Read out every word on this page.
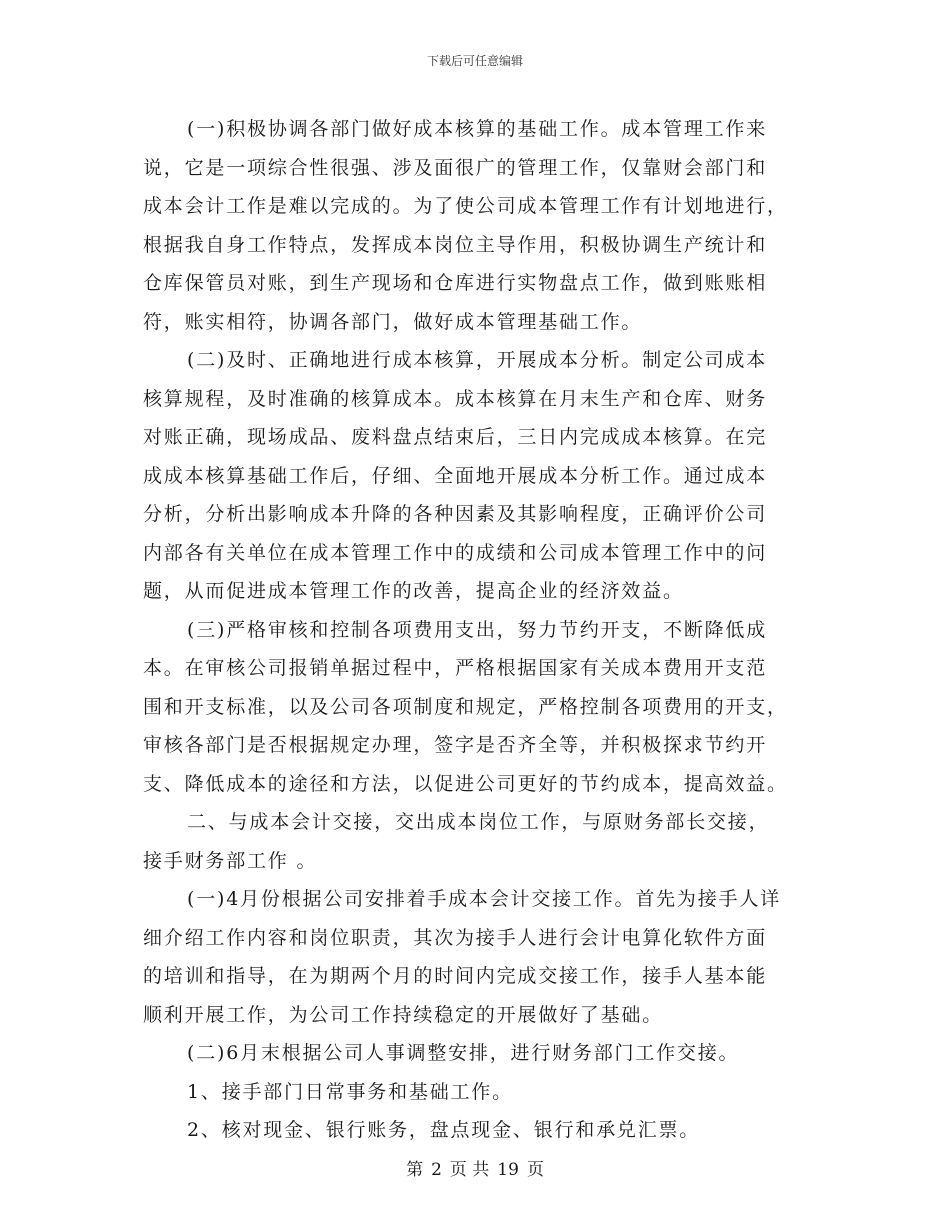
下载后可任意编辑
(一)积极协调各部门做好成本核算的基础工作。成本管理工作来
说，它是一项综合性很强、涉及面很广的管理工作，仅靠财会部门和
成本会计工作是难以完成的。为了使公司成本管理工作有计划地进行，
根据我自身工作特点，发挥成本岗位主导作用，积极协调生产统计和
仓库保管员对账，到生产现场和仓库进行实物盘点工作，做到账账相
符，账实相符，协调各部门，做好成本管理基础工作。
(二)及时、正确地进行成本核算，开展成本分析。制定公司成本
核算规程，及时准确的核算成本。成本核算在月末生产和仓库、财务
对账正确，现场成品、废料盘点结束后，三日内完成成本核算。在完
成成本核算基础工作后，仔细、全面地开展成本分析工作。通过成本
分析，分析出影响成本升降的各种因素及其影响程度，正确评价公司
内部各有关单位在成本管理工作中的成绩和公司成本管理工作中的问
题，从而促进成本管理工作的改善，提高企业的经济效益。
(三)严格审核和控制各项费用支出，努力节约开支，不断降低成
本。在审核公司报销单据过程中，严格根据国家有关成本费用开支范
围和开支标准，以及公司各项制度和规定，严格控制各项费用的开支，
审核各部门是否根据规定办理，签字是否齐全等，并积极探求节约开
支、降低成本的途径和方法，以促进公司更好的节约成本，提高效益。
二、与成本会计交接，交出成本岗位工作，与原财务部长交接，
接手财务部工作 。
(一)4月份根据公司安排着手成本会计交接工作。首先为接手人详
细介绍工作内容和岗位职责，其次为接手人进行会计电算化软件方面
的培训和指导，在为期两个月的时间内完成交接工作，接手人基本能
顺利开展工作，为公司工作持续稳定的开展做好了基础。
(二)6月末根据公司人事调整安排，进行财务部门工作交接。
1、接手部门日常事务和基础工作。
2、核对现金、银行账务，盘点现金、银行和承兑汇票。
第 2 页 共 19 页
